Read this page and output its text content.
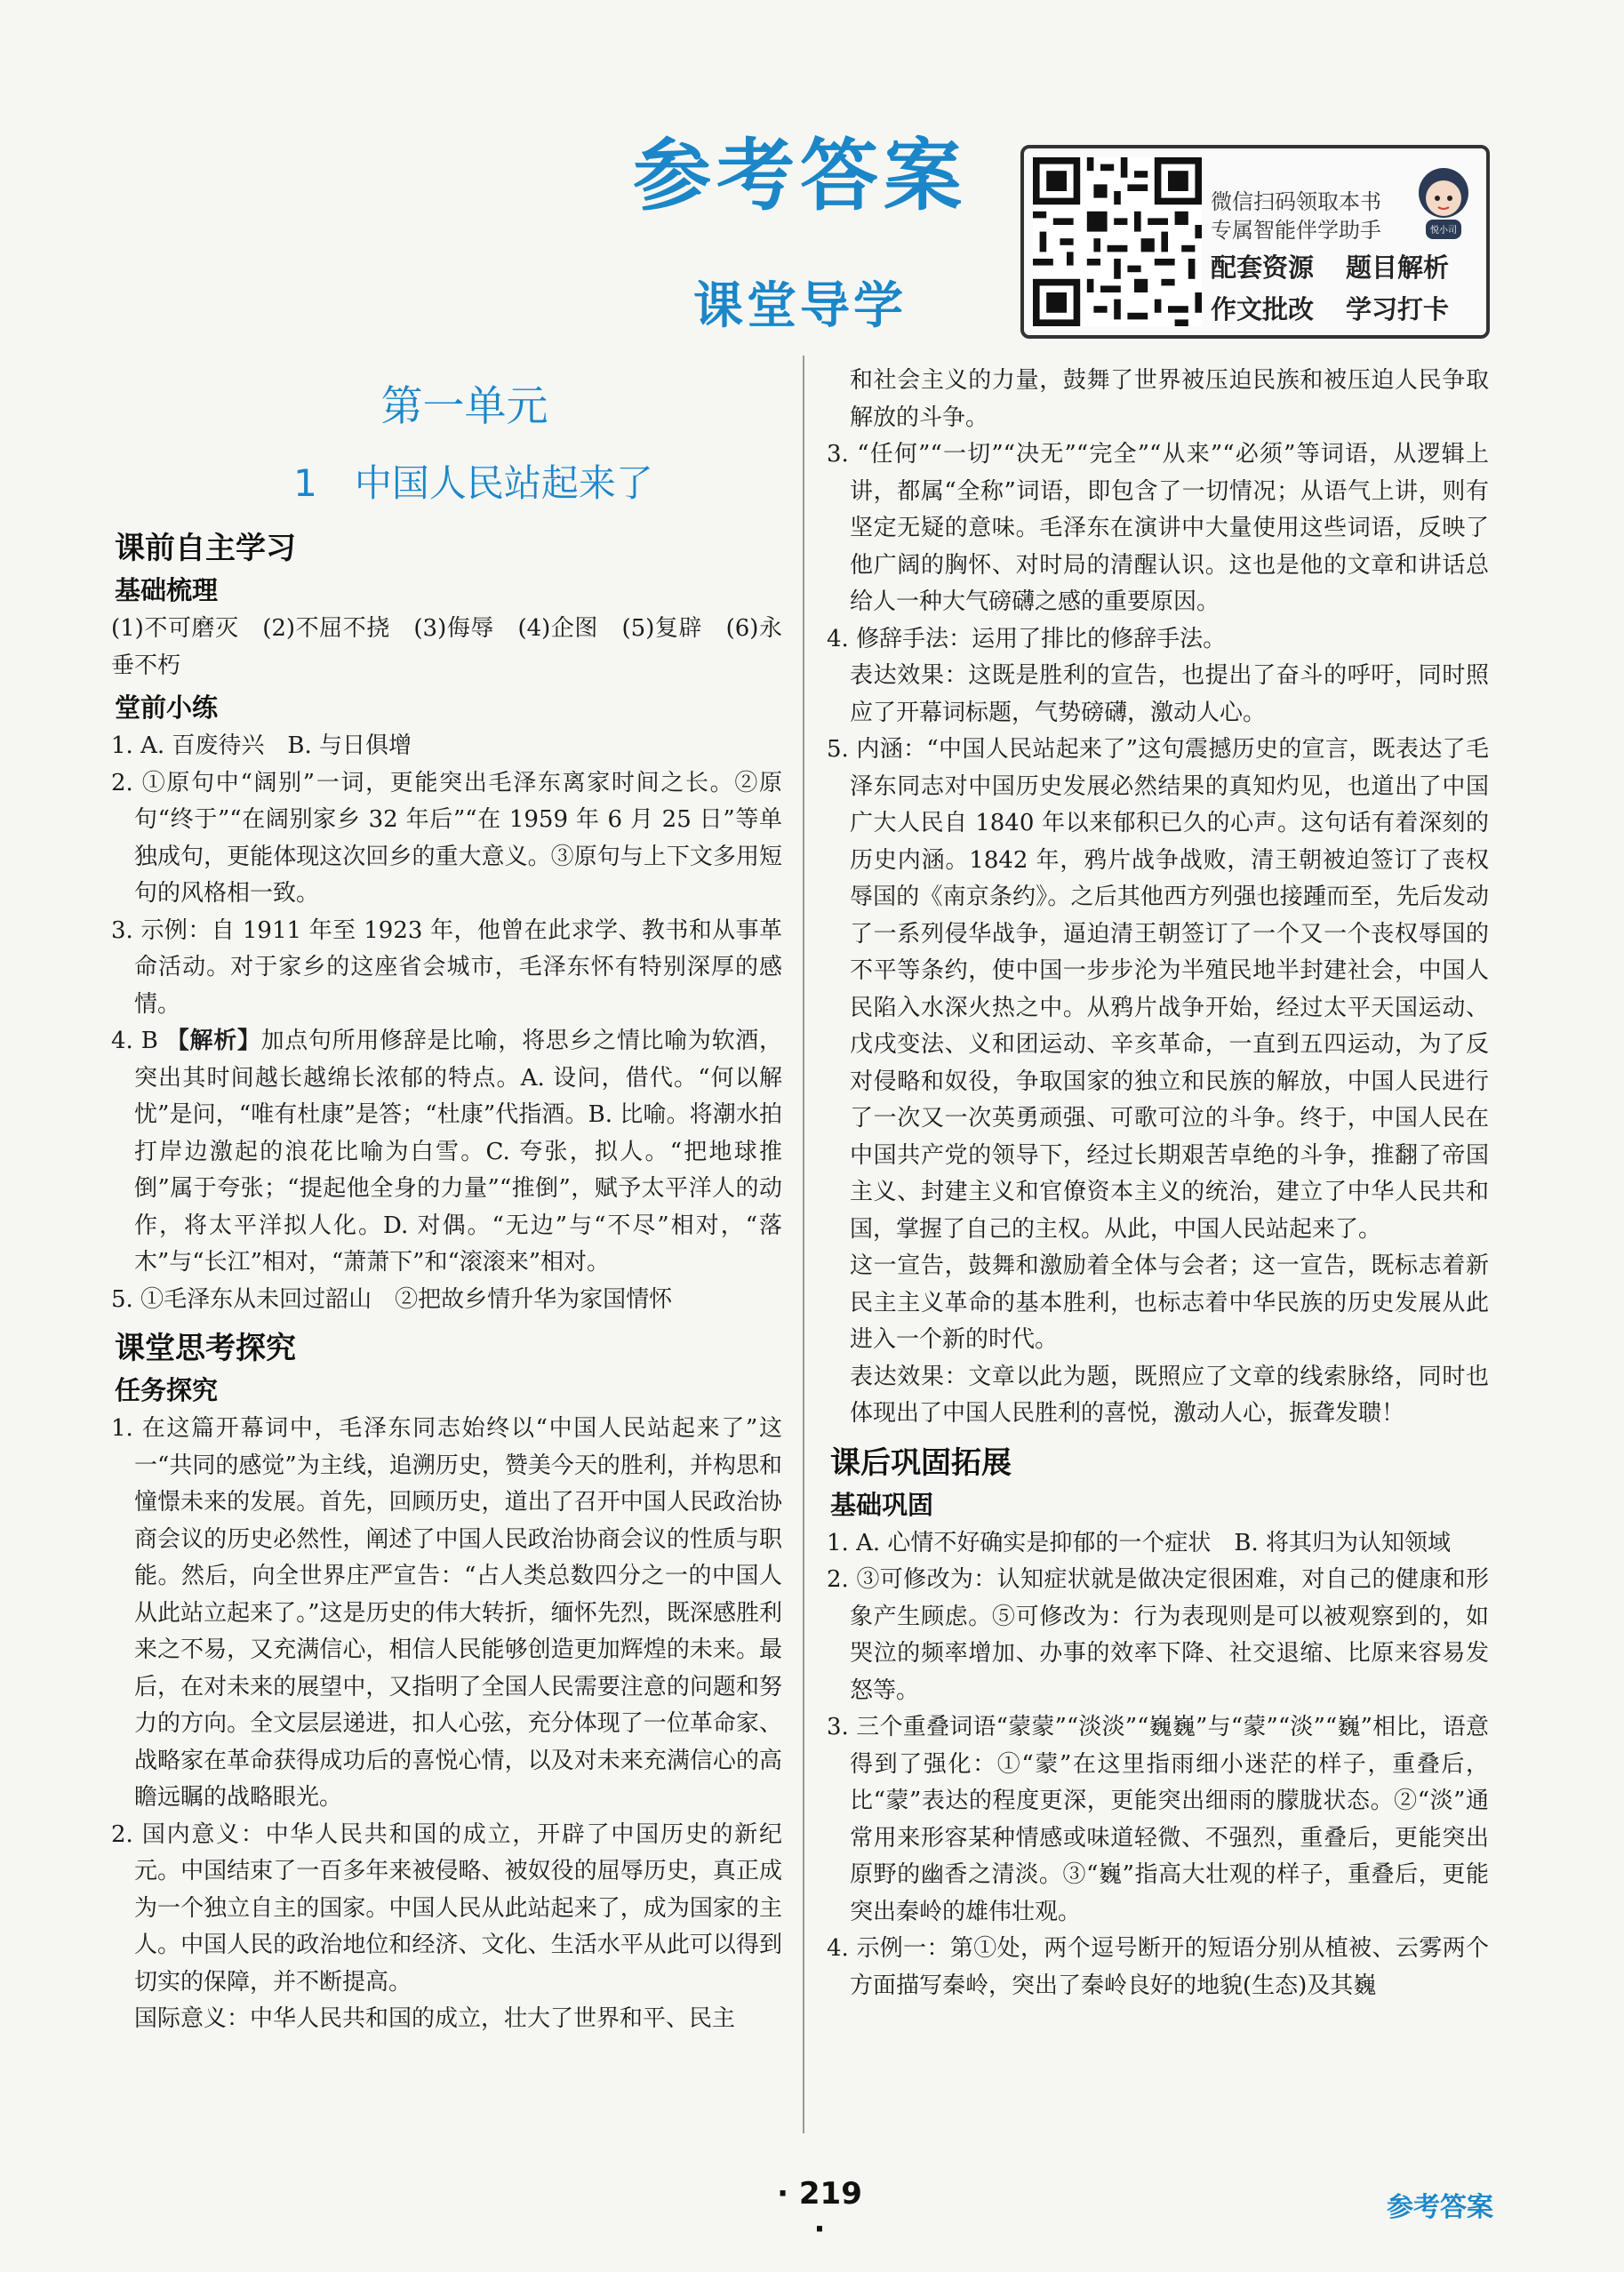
参考答案
课堂导学
微信扫码领取本书
专属智能伴学助手	悦小司
配套资源 题目解析 作文批改 学习打卡
第一单元
1　中国人民站起来了
课前自主学习
基础梳理

(1)不可磨灭　(2)不屈不挠　(3)侮辱　(4)企图　(5)复辟　(6)永垂不朽

堂前小练

1. A. 百废待兴　B. 与日俱增

2. ①原句中“阔别”一词，更能突出毛泽东离家时间之长。②原句“终于”“在阔别家乡 32 年后”“在 1959 年 6 月 25 日”等单独成句，更能体现这次回乡的重大意义。③原句与上下文多用短句的风格相一致。

3. 示例：自 1911 年至 1923 年，他曾在此求学、教书和从事革命活动。对于家乡的这座省会城市，毛泽东怀有特别深厚的感情。

4. B 【解析】加点句所用修辞是比喻，将思乡之情比喻为软酒，突出其时间越长越绵长浓郁的特点。A. 设问，借代。“何以解忧”是问，“唯有杜康”是答；“杜康”代指酒。B. 比喻。将潮水拍打岸边激起的浪花比喻为白雪。C. 夸张，拟人。“把地球推倒”属于夸张；“提起他全身的力量”“推倒”，赋予太平洋人的动作，将太平洋拟人化。D. 对偶。“无边”与“不尽”相对，“落木”与“长江”相对，“萧萧下”和“滚滚来”相对。

5. ①毛泽东从未回过韶山　②把故乡情升华为家国情怀

课堂思考探究
任务探究

1. 在这篇开幕词中，毛泽东同志始终以“中国人民站起来了”这一“共同的感觉”为主线，追溯历史，赞美今天的胜利，并构思和憧憬未来的发展。首先，回顾历史，道出了召开中国人民政治协商会议的历史必然性，阐述了中国人民政治协商会议的性质与职能。然后，向全世界庄严宣告：“占人类总数四分之一的中国人从此站立起来了。”这是历史的伟大转折，缅怀先烈，既深感胜利来之不易，又充满信心，相信人民能够创造更加辉煌的未来。最后，在对未来的展望中，又指明了全国人民需要注意的问题和努力的方向。全文层层递进，扣人心弦，充分体现了一位革命家、战略家在革命获得成功后的喜悦心情，以及对未来充满信心的高瞻远瞩的战略眼光。

2. 国内意义：中华人民共和国的成立，开辟了中国历史的新纪元。中国结束了一百多年来被侵略、被奴役的屈辱历史，真正成为一个独立自主的国家。中国人民从此站起来了，成为国家的主人。中国人民的政治地位和经济、文化、生活水平从此可以得到切实的保障，并不断提高。

国际意义：中华人民共和国的成立，壮大了世界和平、民主

和社会主义的力量，鼓舞了世界被压迫民族和被压迫人民争取解放的斗争。

3. “任何”“一切”“决无”“完全”“从来”“必须”等词语，从逻辑上讲，都属“全称”词语，即包含了一切情况；从语气上讲，则有坚定无疑的意味。毛泽东在演讲中大量使用这些词语，反映了他广阔的胸怀、对时局的清醒认识。这也是他的文章和讲话总给人一种大气磅礴之感的重要原因。

4. 修辞手法：运用了排比的修辞手法。

表达效果：这既是胜利的宣告，也提出了奋斗的呼吁，同时照应了开幕词标题，气势磅礴，激动人心。

5. 内涵：“中国人民站起来了”这句震撼历史的宣言，既表达了毛泽东同志对中国历史发展必然结果的真知灼见，也道出了中国广大人民自 1840 年以来郁积已久的心声。这句话有着深刻的历史内涵。1842 年，鸦片战争战败，清王朝被迫签订了丧权辱国的《南京条约》。之后其他西方列强也接踵而至，先后发动了一系列侵华战争，逼迫清王朝签订了一个又一个丧权辱国的不平等条约，使中国一步步沦为半殖民地半封建社会，中国人民陷入水深火热之中。从鸦片战争开始，经过太平天国运动、戊戌变法、义和团运动、辛亥革命，一直到五四运动，为了反对侵略和奴役，争取国家的独立和民族的解放，中国人民进行了一次又一次英勇顽强、可歌可泣的斗争。终于，中国人民在中国共产党的领导下，经过长期艰苦卓绝的斗争，推翻了帝国主义、封建主义和官僚资本主义的统治，建立了中华人民共和国，掌握了自己的主权。从此，中国人民站起来了。

这一宣告，鼓舞和激励着全体与会者；这一宣告，既标志着新民主主义革命的基本胜利，也标志着中华民族的历史发展从此进入一个新的时代。

表达效果：文章以此为题，既照应了文章的线索脉络，同时也体现出了中国人民胜利的喜悦，激动人心，振聋发聩！

课后巩固拓展
基础巩固

1. A. 心情不好确实是抑郁的一个症状　B. 将其归为认知领域

2. ③可修改为：认知症状就是做决定很困难，对自己的健康和形象产生顾虑。⑤可修改为：行为表现则是可以被观察到的，如哭泣的频率增加、办事的效率下降、社交退缩、比原来容易发怒等。

3. 三个重叠词语“蒙蒙”“淡淡”“巍巍”与“蒙”“淡”“巍”相比，语意得到了强化：①“蒙”在这里指雨细小迷茫的样子，重叠后，比“蒙”表达的程度更深，更能突出细雨的朦胧状态。②“淡”通常用来形容某种情感或味道轻微、不强烈，重叠后，更能突出原野的幽香之清淡。③“巍”指高大壮观的样子，重叠后，更能突出秦岭的雄伟壮观。

4. 示例一：第①处，两个逗号断开的短语分别从植被、云雾两个方面描写秦岭，突出了秦岭良好的地貌(生态)及其巍

· 219 ·
参考答案
